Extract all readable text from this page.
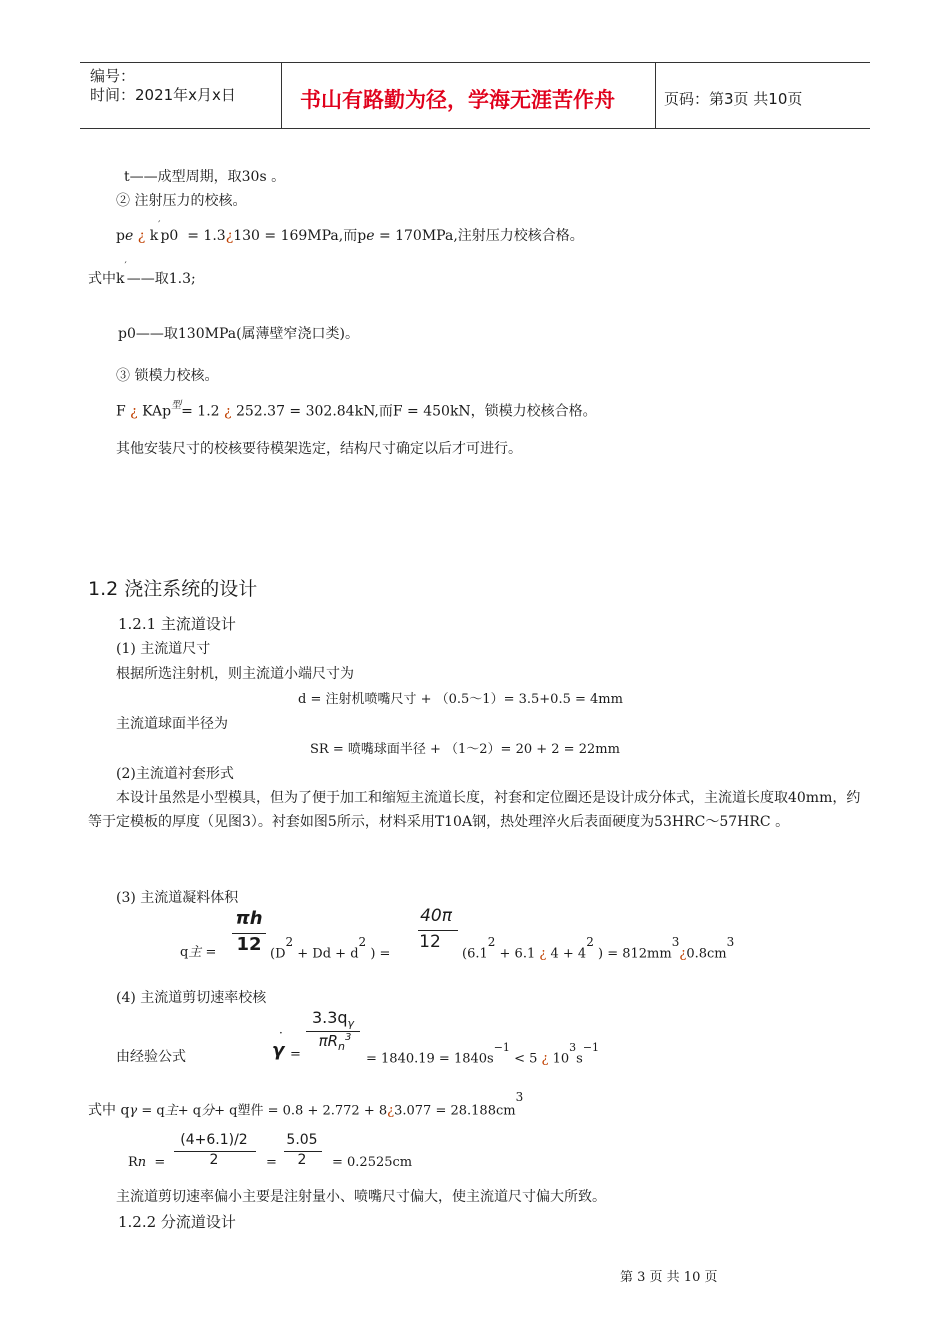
编号：
时间：2021年x月x日	书山有路勤为径，学海无涯苦作舟	页码：第3页 共10页
t——成型周期，取30s 。
② 注射压力的校核。
pe ¿ k′p0 = 1.3¿130 = 169MPa,而pe = 170MPa,注射压力校核合格。
式中k′——取1.3;
p0——取130MPa(属薄壁窄浇口类)。
③ 锁模力校核。
F ¿ KAp$^型$= 1.2 ¿ 252.37 = 302.84kN,而F = 450kN，锁模力校核合格。
其他安装尺寸的校核要待模架选定，结构尺寸确定以后才可进行。
1.2 浇注系统的设计
1.2.1 主流道设计
(1) 主流道尺寸
根据所选注射机，则主流道小端尺寸为
d = 注射机喷嘴尺寸 + （0.5～1）= 3.5+0.5 = 4mm
主流道球面半径为
SR = 喷嘴球面半径 + （1～2）= 20 + 2 = 22mm
(2)主流道衬套形式
本设计虽然是小型模具，但为了便于加工和缩短主流道长度，衬套和定位圈还是设计成分体式，主流道长度取40mm，约等于定模板的厚度（见图3）。衬套如图5所示，材料采用T10A钢，热处理淬火后表面硬度为53HRC～57HRC 。
(3) 主流道凝料体积
q主 =
πh
12 ($D^2 + Dd + d^2$ ) =
40π
12
($6.1^2 + 6.1$ ¿ $4 + 4^2$ ) = $812mm^3¿0.8cm^3$
(4) 主流道剪切速率校核
由经验公式
·
γ =
$3.3q_\gamma$
$\pi R_n^3$
= $1840.19 = 1840s^{-1} < 5$ ¿ $10^3s^{-1}$
式中 qγ = q主+ q分+ q塑件 = 0.8 + 2.772 + 8¿3.077 = $28.188cm^3$
Rn  =
(4+6.1)/2
2	=
5.05
2	= 0.2525cm
主流道剪切速率偏小主要是注射量小、喷嘴尺寸偏大，使主流道尺寸偏大所致。
1.2.2 分流道设计
第 3 页 共 10 页
